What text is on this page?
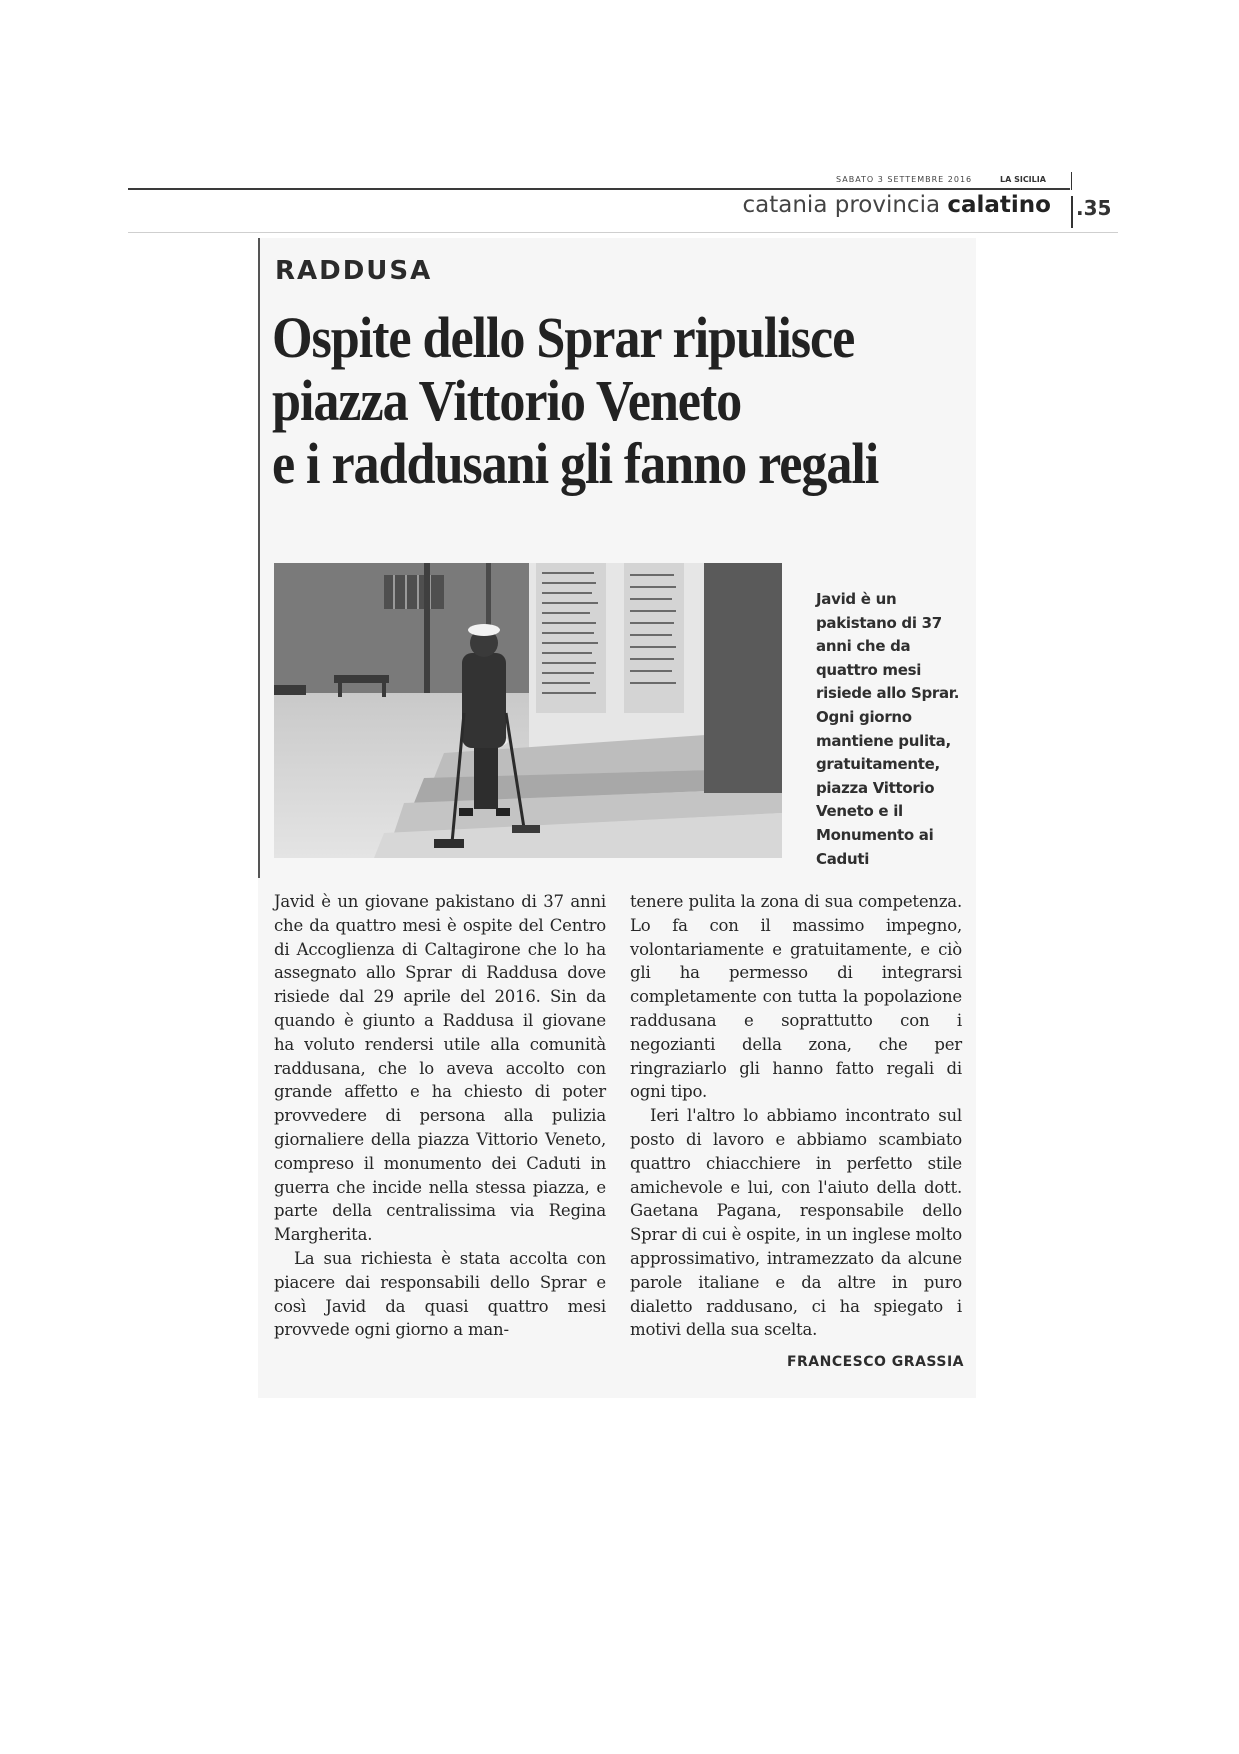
SABATO 3 SETTEMBRE 2016	LA SICILIA
catania provincia calatino .35
RADDUSA
Ospite dello Sprar ripulisce
piazza Vittorio Veneto
e i raddusani gli fanno regali

Javid è un pakistano di 37 anni che da quattro mesi risiede allo Sprar. Ogni giorno mantiene pulita, gratuitamente, piazza Vittorio Veneto e il Monumento ai Caduti

Javid è un giovane pakistano di 37 anni che da quattro mesi è ospite del Centro di Accoglienza di Caltagirone che lo ha assegnato allo Sprar di Raddusa dove risiede dal 29 aprile del 2016. Sin da quando è giunto a Raddusa il giovane ha voluto rendersi utile alla comunità raddusana, che lo aveva accolto con grande affetto e ha chiesto di poter provvedere di persona alla pulizia giornaliere della piazza Vittorio Veneto, compreso il monumento dei Caduti in guerra che incide nella stessa piazza, e parte della centralissima via Regina Margherita.

La sua richiesta è stata accolta con piacere dai responsabili dello Sprar e così Javid da quasi quattro mesi provvede ogni giorno a man-

tenere pulita la zona di sua competenza. Lo fa con il massimo impegno, volontariamente e gratuitamente, e ciò gli ha permesso di integrarsi completamente con tutta la popolazione raddusana e soprattutto con i negozianti della zona, che per ringraziarlo gli hanno fatto regali di ogni tipo.

Ieri l'altro lo abbiamo incontrato sul posto di lavoro e abbiamo scambiato quattro chiacchiere in perfetto stile amichevole e lui, con l'aiuto della dott. Gaetana Pagana, responsabile dello Sprar di cui è ospite, in un inglese molto approssimativo, intramezzato da alcune parole italiane e da altre in puro dialetto raddusano, ci ha spiegato i motivi della sua scelta.

FRANCESCO GRASSIA
